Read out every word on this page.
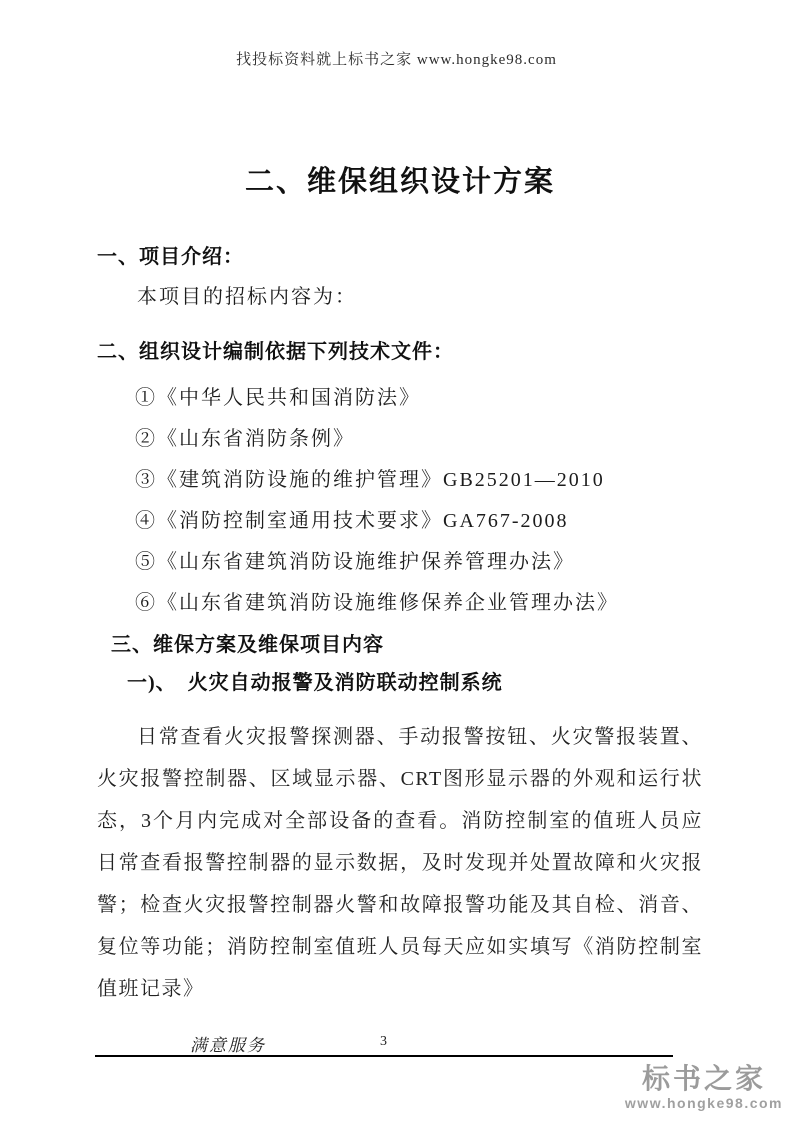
找投标资料就上标书之家 www.hongke98.com
二、维保组织设计方案
一、项目介绍：
本项目的招标内容为：
二、组织设计编制依据下列技术文件：
①《中华人民共和国消防法》
②《山东省消防条例》
③《建筑消防设施的维护管理》GB25201—2010
④《消防控制室通用技术要求》GA767-2008
⑤《山东省建筑消防设施维护保养管理办法》
⑥《山东省建筑消防设施维修保养企业管理办法》
三、维保方案及维保项目内容
一)、　火灾自动报警及消防联动控制系统
日常查看火灾报警探测器、手动报警按钮、火灾警报装置、火灾报警控制器、区域显示器、CRT图形显示器的外观和运行状态，3个月内完成对全部设备的查看。消防控制室的值班人员应日常查看报警控制器的显示数据，及时发现并处置故障和火灾报警；检查火灾报警控制器火警和故障报警功能及其自检、消音、复位等功能；消防控制室值班人员每天应如实填写《消防控制室值班记录》
满意服务	3
标书之家
www.hongke98.com
